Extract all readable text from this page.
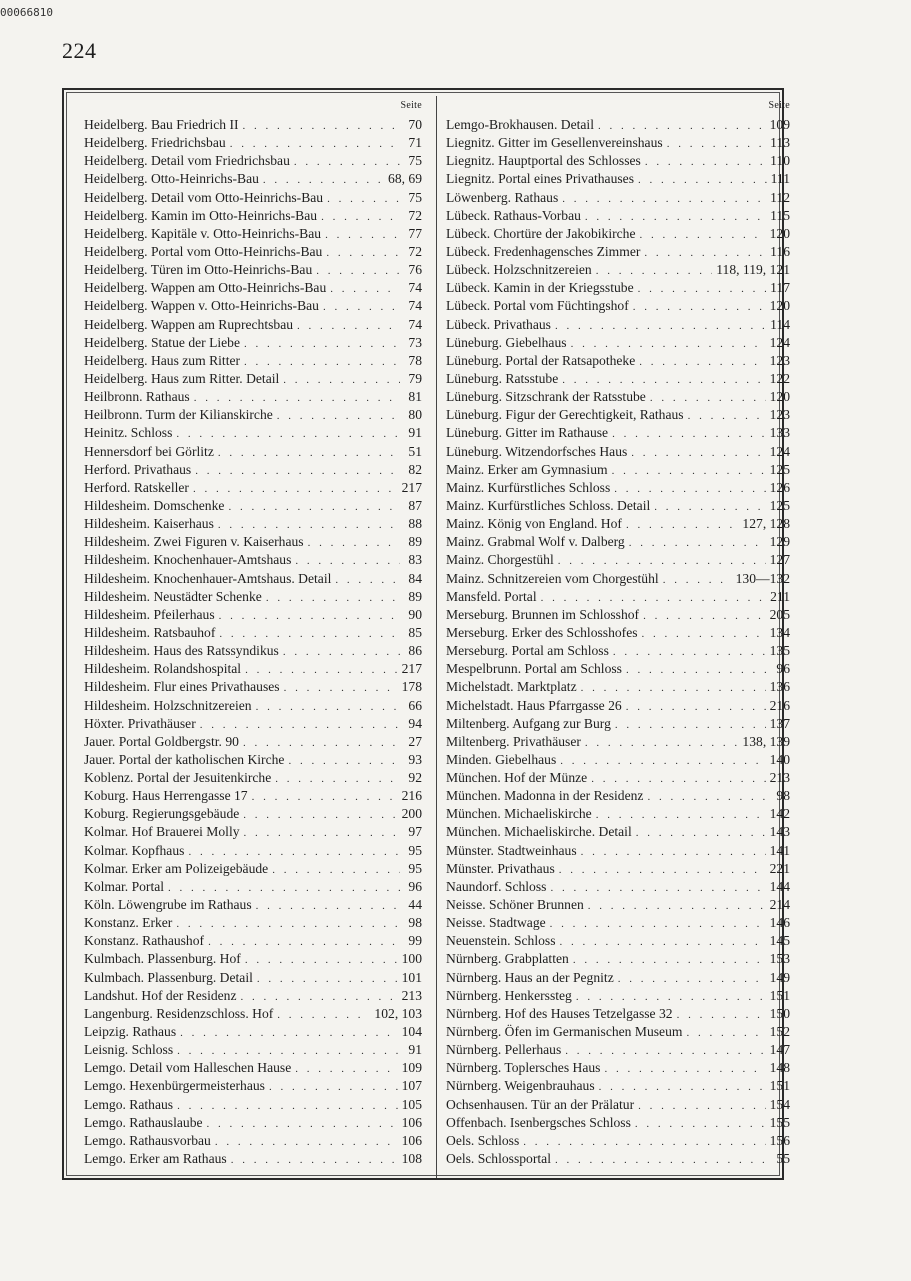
00066810
224
Seite
Heidelberg. Bau Friedrich II . . .	70
Heidelberg. Friedrichsbau . . .	71
Heidelberg. Detail vom Friedrichsbau . . .	75
Heidelberg. Otto-Heinrichs-Bau . . .	68, 69
Heidelberg. Detail vom Otto-Heinrichs-Bau . . .	75
Heidelberg. Kamin im Otto-Heinrichs-Bau . . .	72
Heidelberg. Kapitäle v. Otto-Heinrichs-Bau . . .	77
Heidelberg. Portal vom Otto-Heinrichs-Bau . . .	72
Heidelberg. Türen im Otto-Heinrichs-Bau . . .	76
Heidelberg. Wappen am Otto-Heinrichs-Bau . . .	74
Heidelberg. Wappen v. Otto-Heinrichs-Bau . . .	74
Heidelberg. Wappen am Ruprechtsbau . . .	74
Heidelberg. Statue der Liebe . . .	73
Heidelberg. Haus zum Ritter . . .	78
Heidelberg. Haus zum Ritter. Detail . . .	79
Heilbronn. Rathaus . . .	81
Heilbronn. Turm der Kilianskirche . . .	80
Heinitz. Schloss . . .	91
Hennersdorf bei Görlitz . . .	51
Herford. Privathaus . . .	82
Herford. Ratskeller . . .	217
Hildesheim. Domschenke . . .	87
Hildesheim. Kaiserhaus . . .	88
Hildesheim. Zwei Figuren v. Kaiserhaus . . .	89
Hildesheim. Knochenhauer-Amtshaus . . .	83
Hildesheim. Knochenhauer-Amtshaus. Detail . . .	84
Hildesheim. Neustädter Schenke . . .	89
Hildesheim. Pfeilerhaus . . .	90
Hildesheim. Ratsbauhof . . .	85
Hildesheim. Haus des Ratssyndikus . . .	86
Hildesheim. Rolandshospital . . .	217
Hildesheim. Flur eines Privathauses . . .	178
Hildesheim. Holzschnitzereien . . .	66
Höxter. Privathäuser . . .	94
Jauer. Portal Goldbergstr. 90 . . .	27
Jauer. Portal der katholischen Kirche . . .	93
Koblenz. Portal der Jesuitenkirche . . .	92
Koburg. Haus Herrengasse 17 . . .	216
Koburg. Regierungsgebäude . . .	200
Kolmar. Hof Brauerei Molly . . .	97
Kolmar. Kopfhaus . . .	95
Kolmar. Erker am Polizeigebäude . . .	95
Kolmar. Portal . . .	96
Köln. Löwengrube im Rathaus . . .	44
Konstanz. Erker . . .	98
Konstanz. Rathaushof . . .	99
Kulmbach. Plassenburg. Hof . . .	100
Kulmbach. Plassenburg. Detail . . .	101
Landshut. Hof der Residenz . . .	213
Langenburg. Residenzschloss. Hof . . .	102, 103
Leipzig. Rathaus . . .	104
Leisnig. Schloss . . .	91
Lemgo. Detail vom Halleschen Hause . . .	109
Lemgo. Hexenbürgermeisterhaus . . .	107
Lemgo. Rathaus . . .	105
Lemgo. Rathauslaube . . .	106
Lemgo. Rathausvorbau . . .	106
Lemgo. Erker am Rathaus . . .	108
Seite
Lemgo-Brokhausen. Detail . . .	109
Liegnitz. Gitter im Gesellenvereinshaus . . .	113
Liegnitz. Hauptportal des Schlosses . . .	110
Liegnitz. Portal eines Privathauses . . .	111
Löwenberg. Rathaus . . .	112
Lübeck. Rathaus-Vorbau . . .	115
Lübeck. Chortüre der Jakobikirche . . .	120
Lübeck. Fredenhagensches Zimmer . . .	116
Lübeck. Holzschnitzereien . . .	118, 119, 121
Lübeck. Kamin in der Kriegsstube . . .	117
Lübeck. Portal vom Füchtingshof . . .	120
Lübeck. Privathaus . . .	114
Lüneburg. Giebelhaus . . .	124
Lüneburg. Portal der Ratsapotheke . . .	123
Lüneburg. Ratsstube . . .	122
Lüneburg. Sitzschrank der Ratsstube . . .	120
Lüneburg. Figur der Gerechtigkeit, Rathaus . . .	123
Lüneburg. Gitter im Rathause . . .	133
Lüneburg. Witzendorfsches Haus . . .	124
Mainz. Erker am Gymnasium . . .	125
Mainz. Kurfürstliches Schloss . . .	126
Mainz. Kurfürstliches Schloss. Detail . . .	125
Mainz. König von England. Hof . . .	127, 128
Mainz. Grabmal Wolf v. Dalberg . . .	129
Mainz. Chorgestühl . . .	127
Mainz. Schnitzereien vom Chorgestühl . . .	130—132
Mansfeld. Portal . . .	211
Merseburg. Brunnen im Schlosshof . . .	205
Merseburg. Erker des Schlosshofes . . .	134
Merseburg. Portal am Schloss . . .	135
Mespelbrunn. Portal am Schloss . . .	96
Michelstadt. Marktplatz . . .	136
Michelstadt. Haus Pfarrgasse 26 . . .	216
Miltenberg. Aufgang zur Burg . . .	137
Miltenberg. Privathäuser . . .	138, 139
Minden. Giebelhaus . . .	140
München. Hof der Münze . . .	213
München. Madonna in der Residenz . . .	98
München. Michaeliskirche . . .	142
München. Michaeliskirche. Detail . . .	143
Münster. Stadtweinhaus . . .	141
Münster. Privathaus . . .	221
Naundorf. Schloss . . .	144
Neisse. Schöner Brunnen . . .	214
Neisse. Stadtwage . . .	146
Neuenstein. Schloss . . .	145
Nürnberg. Grabplatten . . .	153
Nürnberg. Haus an der Pegnitz . . .	149
Nürnberg. Henkerssteg . . .	151
Nürnberg. Hof des Hauses Tetzelgasse 32 . . .	150
Nürnberg. Öfen im Germanischen Museum . . .	152
Nürnberg. Pellerhaus . . .	147
Nürnberg. Toplersches Haus . . .	148
Nürnberg. Weigenbrauhaus . . .	151
Ochsenhausen. Tür an der Prälatur . . .	154
Offenbach. Isenbergsches Schloss . . .	155
Oels. Schloss . . .	156
Oels. Schlossportal . . .	55
